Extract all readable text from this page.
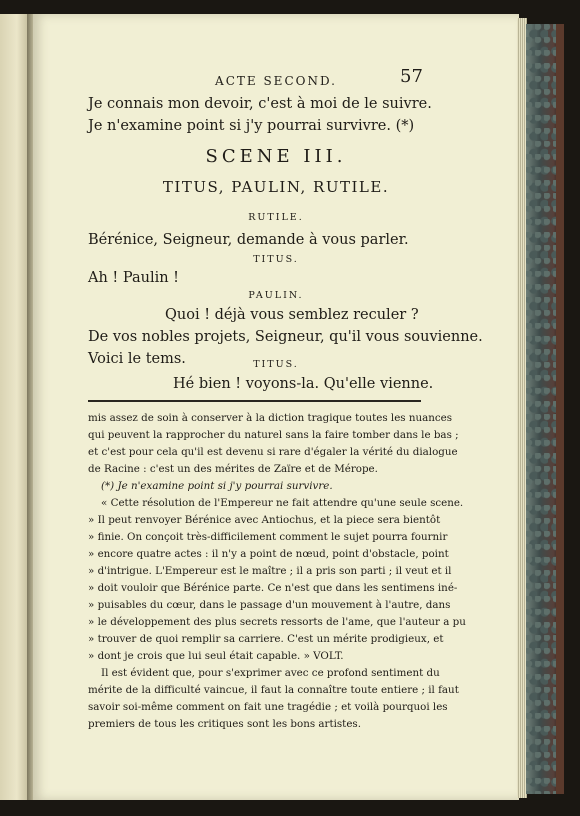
ACTE SECOND.	57
Je connais mon devoir, c'est à moi de le suivre.
Je n'examine point si j'y pourrai survivre. (*)
SCENE III.
TITUS, PAULIN, RUTILE.
RUTILE.
Bérénice, Seigneur, demande à vous parler.
TITUS.
Ah ! Paulin !
PAULIN.
Quoi ! déjà vous semblez reculer ?
De vos nobles projets, Seigneur, qu'il vous souvienne.
Voici le tems.	TITUS.
Hé bien ! voyons-la. Qu'elle vienne.
mis assez de soin à conserver à la diction tragique toutes les nuances
qui peuvent la rapprocher du naturel sans la faire tomber dans le bas ;
et c'est pour cela qu'il est devenu si rare d'égaler la vérité du dialogue
de Racine : c'est un des mérites de Zaïre et de Mérope.
(*) Je n'examine point si j'y pourrai survivre.
« Cette résolution de l'Empereur ne fait attendre qu'une seule scene.
» Il peut renvoyer Bérénice avec Antiochus, et la piece sera bientôt
» finie. On conçoit très-difficilement comment le sujet pourra fournir
» encore quatre actes : il n'y a point de nœud, point d'obstacle, point
» d'intrigue. L'Empereur est le maître ; il a pris son parti ; il veut et il
» doit vouloir que Bérénice parte. Ce n'est que dans les sentimens iné-
» puisables du cœur, dans le passage d'un mouvement à l'autre, dans
» le développement des plus secrets ressorts de l'ame, que l'auteur a pu
» trouver de quoi remplir sa carriere. C'est un mérite prodigieux, et
» dont je crois que lui seul était capable. » VOLT.
Il est évident que, pour s'exprimer avec ce profond sentiment du
mérite de la difficulté vaincue, il faut la connaître toute entiere ; il faut
savoir soi-même comment on fait une tragédie ; et voilà pourquoi les
premiers de tous les critiques sont les bons artistes.
